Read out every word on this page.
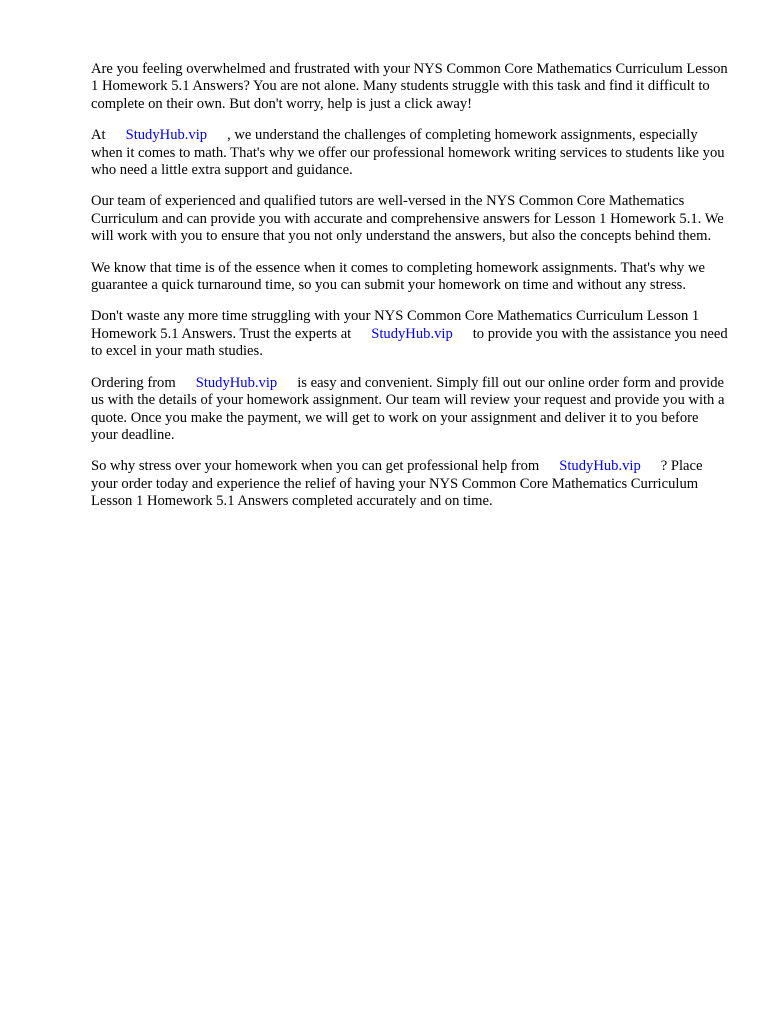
Are you feeling overwhelmed and frustrated with your NYS Common Core Mathematics Curriculum Lesson 1 Homework 5.1 Answers? You are not alone. Many students struggle with this task and find it difficult to complete on their own. But don't worry, help is just a click away!

At StudyHub.vip , we understand the challenges of completing homework assignments, especially when it comes to math. That's why we offer our professional homework writing services to students like you who need a little extra support and guidance.

Our team of experienced and qualified tutors are well-versed in the NYS Common Core Mathematics Curriculum and can provide you with accurate and comprehensive answers for Lesson 1 Homework 5.1. We will work with you to ensure that you not only understand the answers, but also the concepts behind them.

We know that time is of the essence when it comes to completing homework assignments. That's why we guarantee a quick turnaround time, so you can submit your homework on time and without any stress.

Don't waste any more time struggling with your NYS Common Core Mathematics Curriculum Lesson 1 Homework 5.1 Answers. Trust the experts at StudyHub.vip to provide you with the assistance you need to excel in your math studies.

Ordering from StudyHub.vip is easy and convenient. Simply fill out our online order form and provide us with the details of your homework assignment. Our team will review your request and provide you with a quote. Once you make the payment, we will get to work on your assignment and deliver it to you before your deadline.

So why stress over your homework when you can get professional help from StudyHub.vip ? Place your order today and experience the relief of having your NYS Common Core Mathematics Curriculum Lesson 1 Homework 5.1 Answers completed accurately and on time.
